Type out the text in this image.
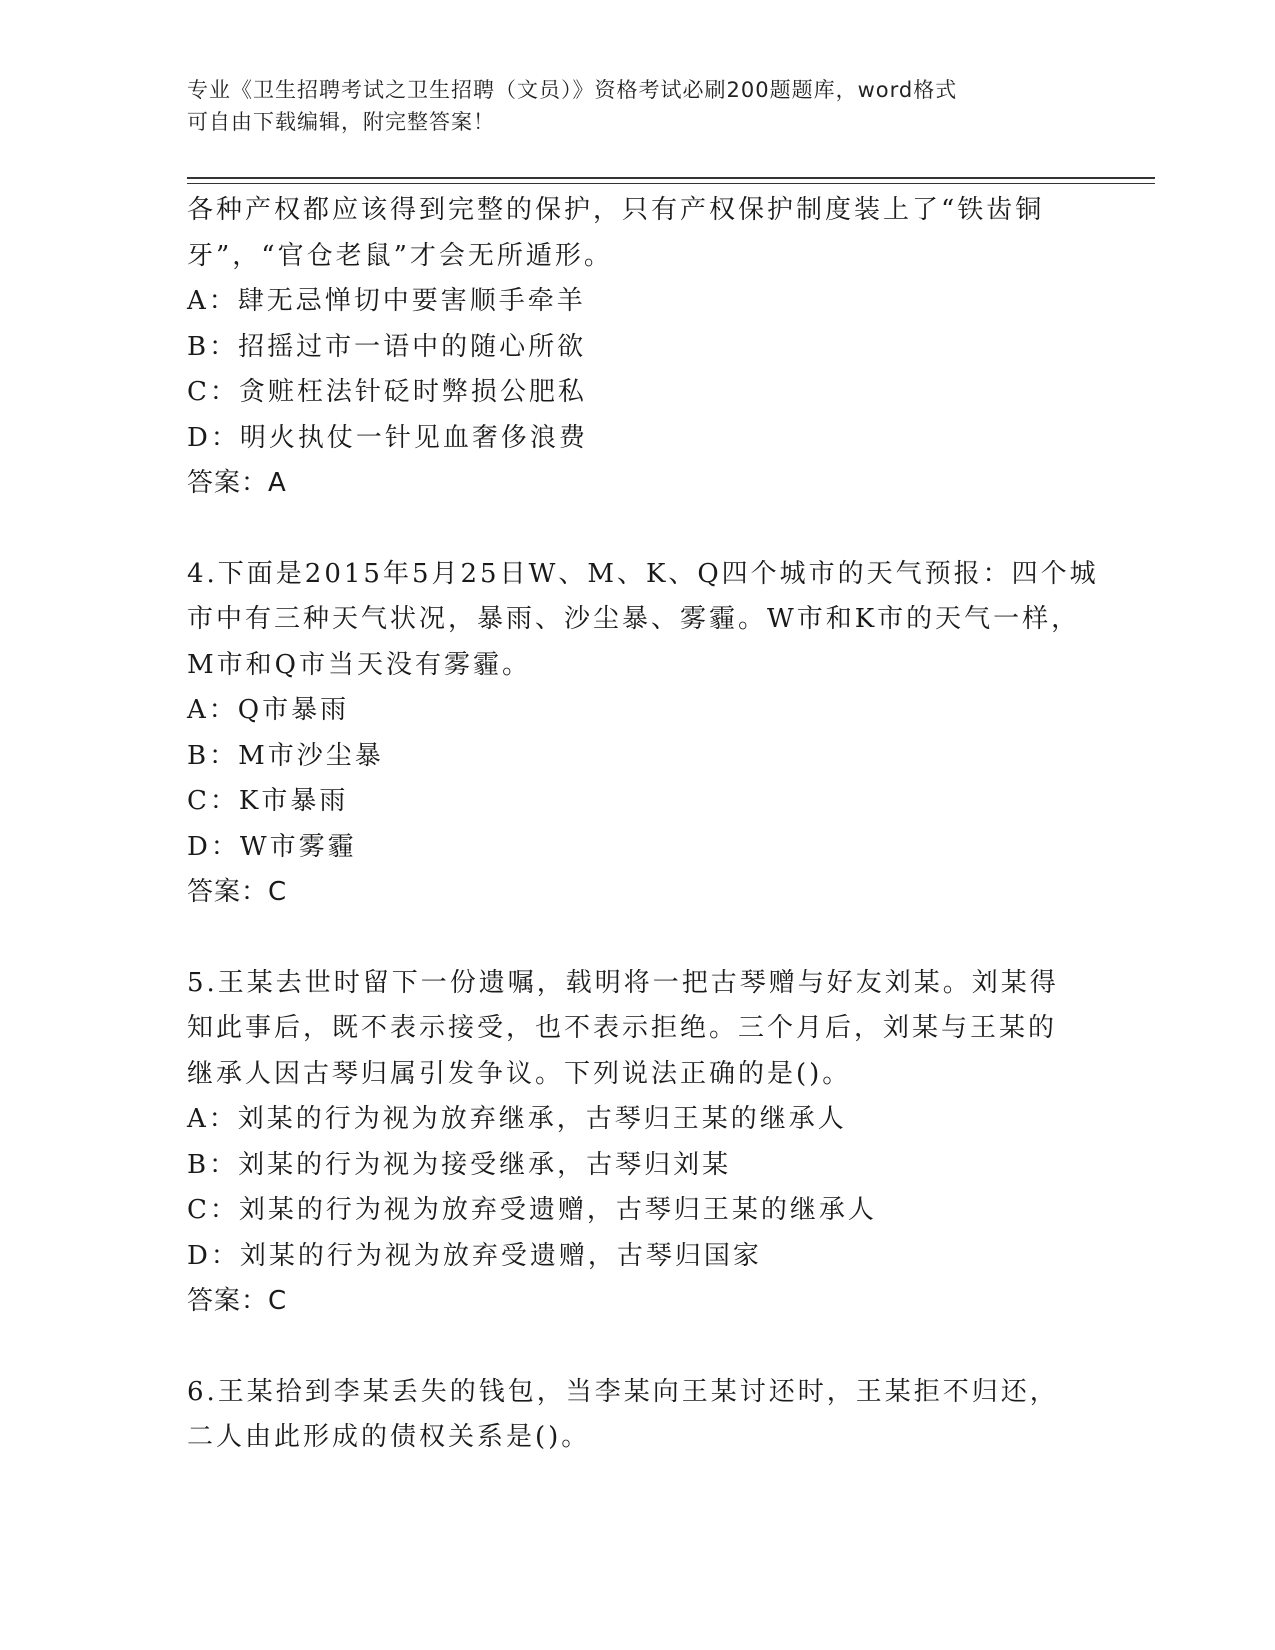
专业《卫生招聘考试之卫生招聘（文员）》资格考试必刷200题题库，word格式
可自由下载编辑，附完整答案！
各种产权都应该得到完整的保护，只有产权保护制度装上了“铁齿铜
牙”，“官仓老鼠”才会无所遁形。
A：肆无忌惮切中要害顺手牵羊
B：招摇过市一语中的随心所欲
C：贪赃枉法针砭时弊损公肥私
D：明火执仗一针见血奢侈浪费
答案：A
4.下面是2015年5月25日W、M、K、Q四个城市的天气预报：四个城
市中有三种天气状况，暴雨、沙尘暴、雾霾。W市和K市的天气一样，
M市和Q市当天没有雾霾。
A：Q市暴雨
B：M市沙尘暴
C：K市暴雨
D：W市雾霾
答案：C
5.王某去世时留下一份遗嘱，载明将一把古琴赠与好友刘某。刘某得
知此事后，既不表示接受，也不表示拒绝。三个月后，刘某与王某的
继承人因古琴归属引发争议。下列说法正确的是()。
A：刘某的行为视为放弃继承，古琴归王某的继承人
B：刘某的行为视为接受继承，古琴归刘某
C：刘某的行为视为放弃受遗赠，古琴归王某的继承人
D：刘某的行为视为放弃受遗赠，古琴归国家
答案：C
6.王某拾到李某丢失的钱包，当李某向王某讨还时，王某拒不归还，
二人由此形成的债权关系是()。
